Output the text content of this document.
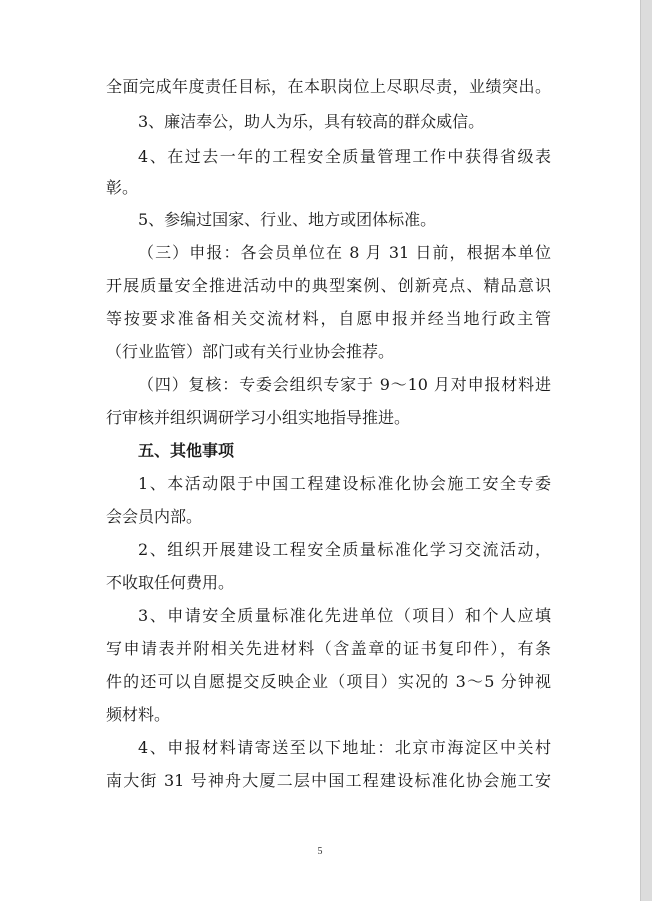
全面完成年度责任目标，在本职岗位上尽职尽责，业绩突出。
3、廉洁奉公，助人为乐，具有较高的群众威信。
4、在过去一年的工程安全质量管理工作中获得省级表
彰。
5、参编过国家、行业、地方或团体标准。
（三）申报：各会员单位在 8 月 31 日前，根据本单位
开展质量安全推进活动中的典型案例、创新亮点、精品意识
等按要求准备相关交流材料，自愿申报并经当地行政主管
（行业监管）部门或有关行业协会推荐。
（四）复核：专委会组织专家于 9～10 月对申报材料进
行审核并组织调研学习小组实地指导推进。
五、其他事项
1、本活动限于中国工程建设标准化协会施工安全专委
会会员内部。
2、组织开展建设工程安全质量标准化学习交流活动，
不收取任何费用。
3、申请安全质量标准化先进单位（项目）和个人应填
写申请表并附相关先进材料（含盖章的证书复印件），有条
件的还可以自愿提交反映企业（项目）实况的 3～5 分钟视
频材料。
4、申报材料请寄送至以下地址：北京市海淀区中关村
南大街 31 号神舟大厦二层中国工程建设标准化协会施工安
5
